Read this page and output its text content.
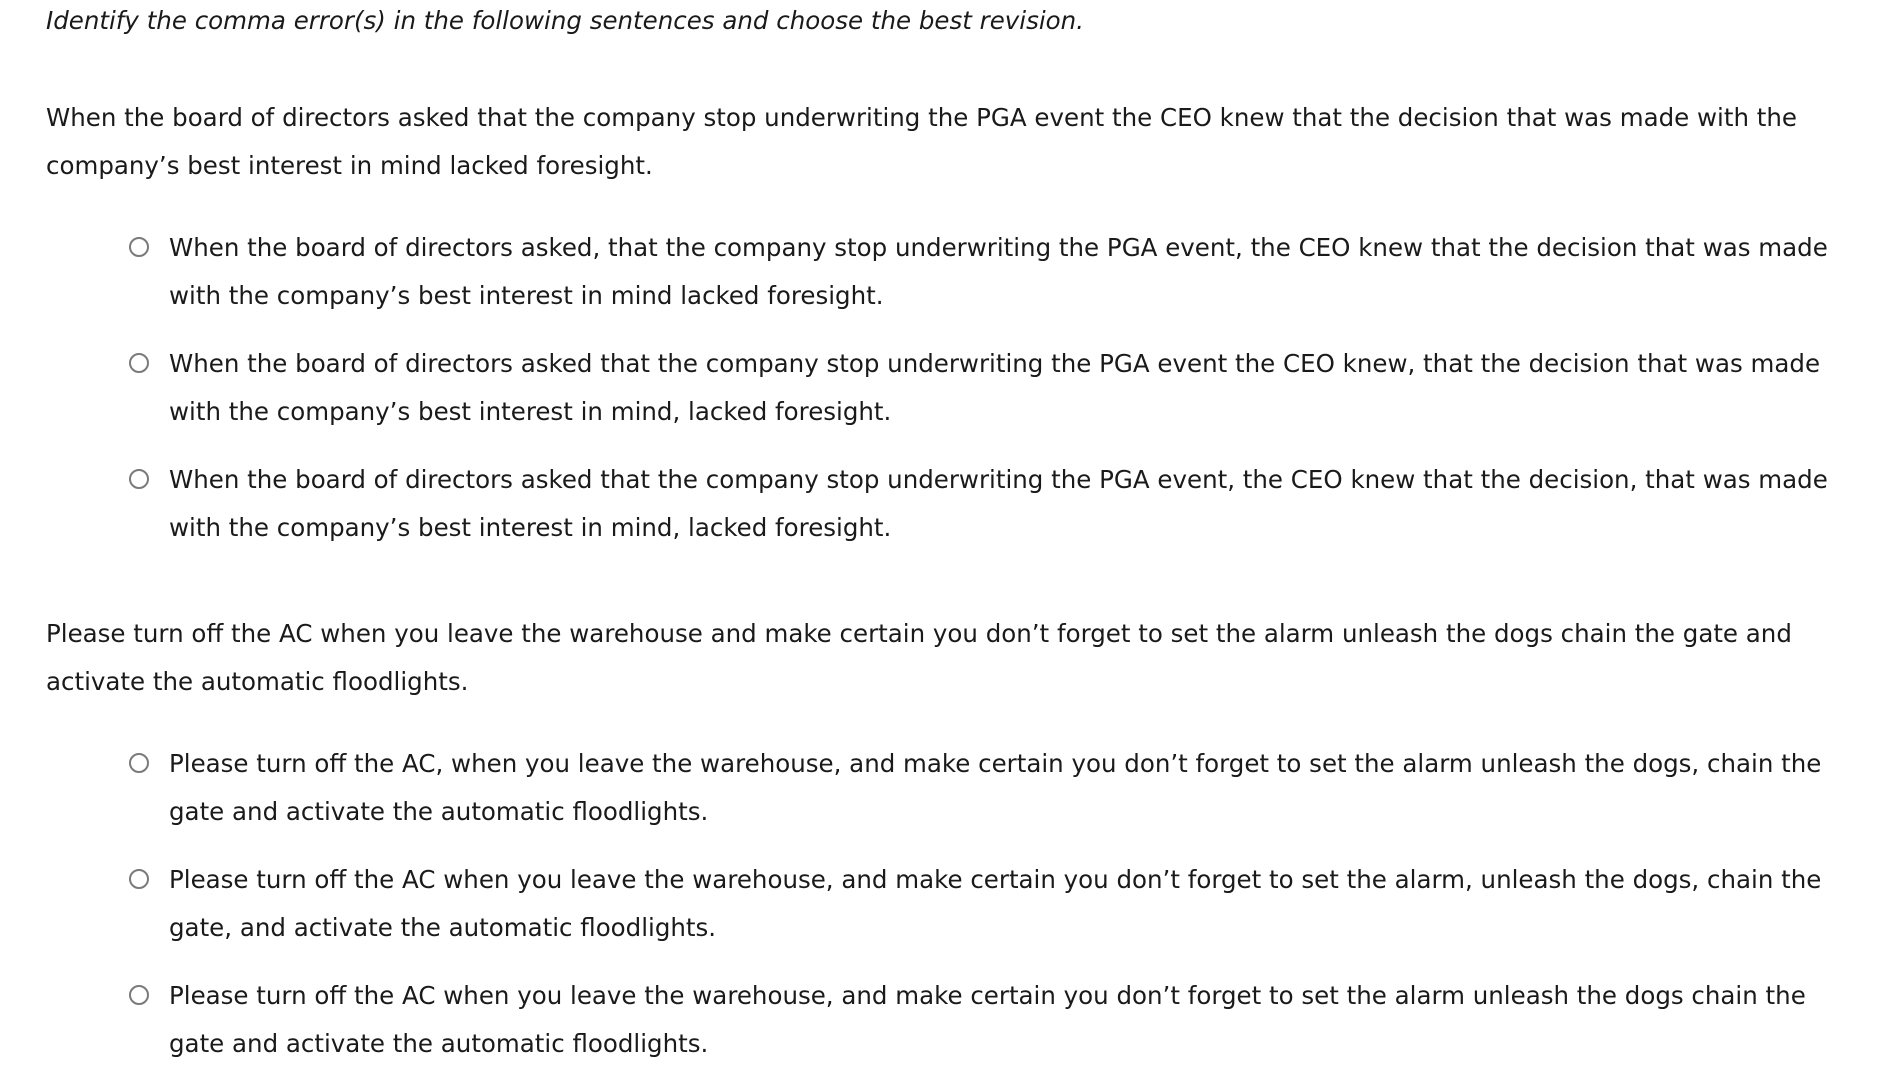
Identify the comma error(s) in the following sentences and choose the best revision.

When the board of directors asked that the company stop underwriting the PGA event the CEO knew that the decision that was made with the company’s best interest in mind lacked foresight.

When the board of directors asked, that the company stop underwriting the PGA event, the CEO knew that the decision that was made with the company’s best interest in mind lacked foresight.
When the board of directors asked that the company stop underwriting the PGA event the CEO knew, that the decision that was made with the company’s best interest in mind, lacked foresight.
When the board of directors asked that the company stop underwriting the PGA event, the CEO knew that the decision, that was made with the company’s best interest in mind, lacked foresight.

Please turn off the AC when you leave the warehouse and make certain you don’t forget to set the alarm unleash the dogs chain the gate and activate the automatic floodlights.

Please turn off the AC, when you leave the warehouse, and make certain you don’t forget to set the alarm unleash the dogs, chain the gate and activate the automatic floodlights.
Please turn off the AC when you leave the warehouse, and make certain you don’t forget to set the alarm, unleash the dogs, chain the gate, and activate the automatic floodlights.
Please turn off the AC when you leave the warehouse, and make certain you don’t forget to set the alarm unleash the dogs chain the gate and activate the automatic floodlights.
